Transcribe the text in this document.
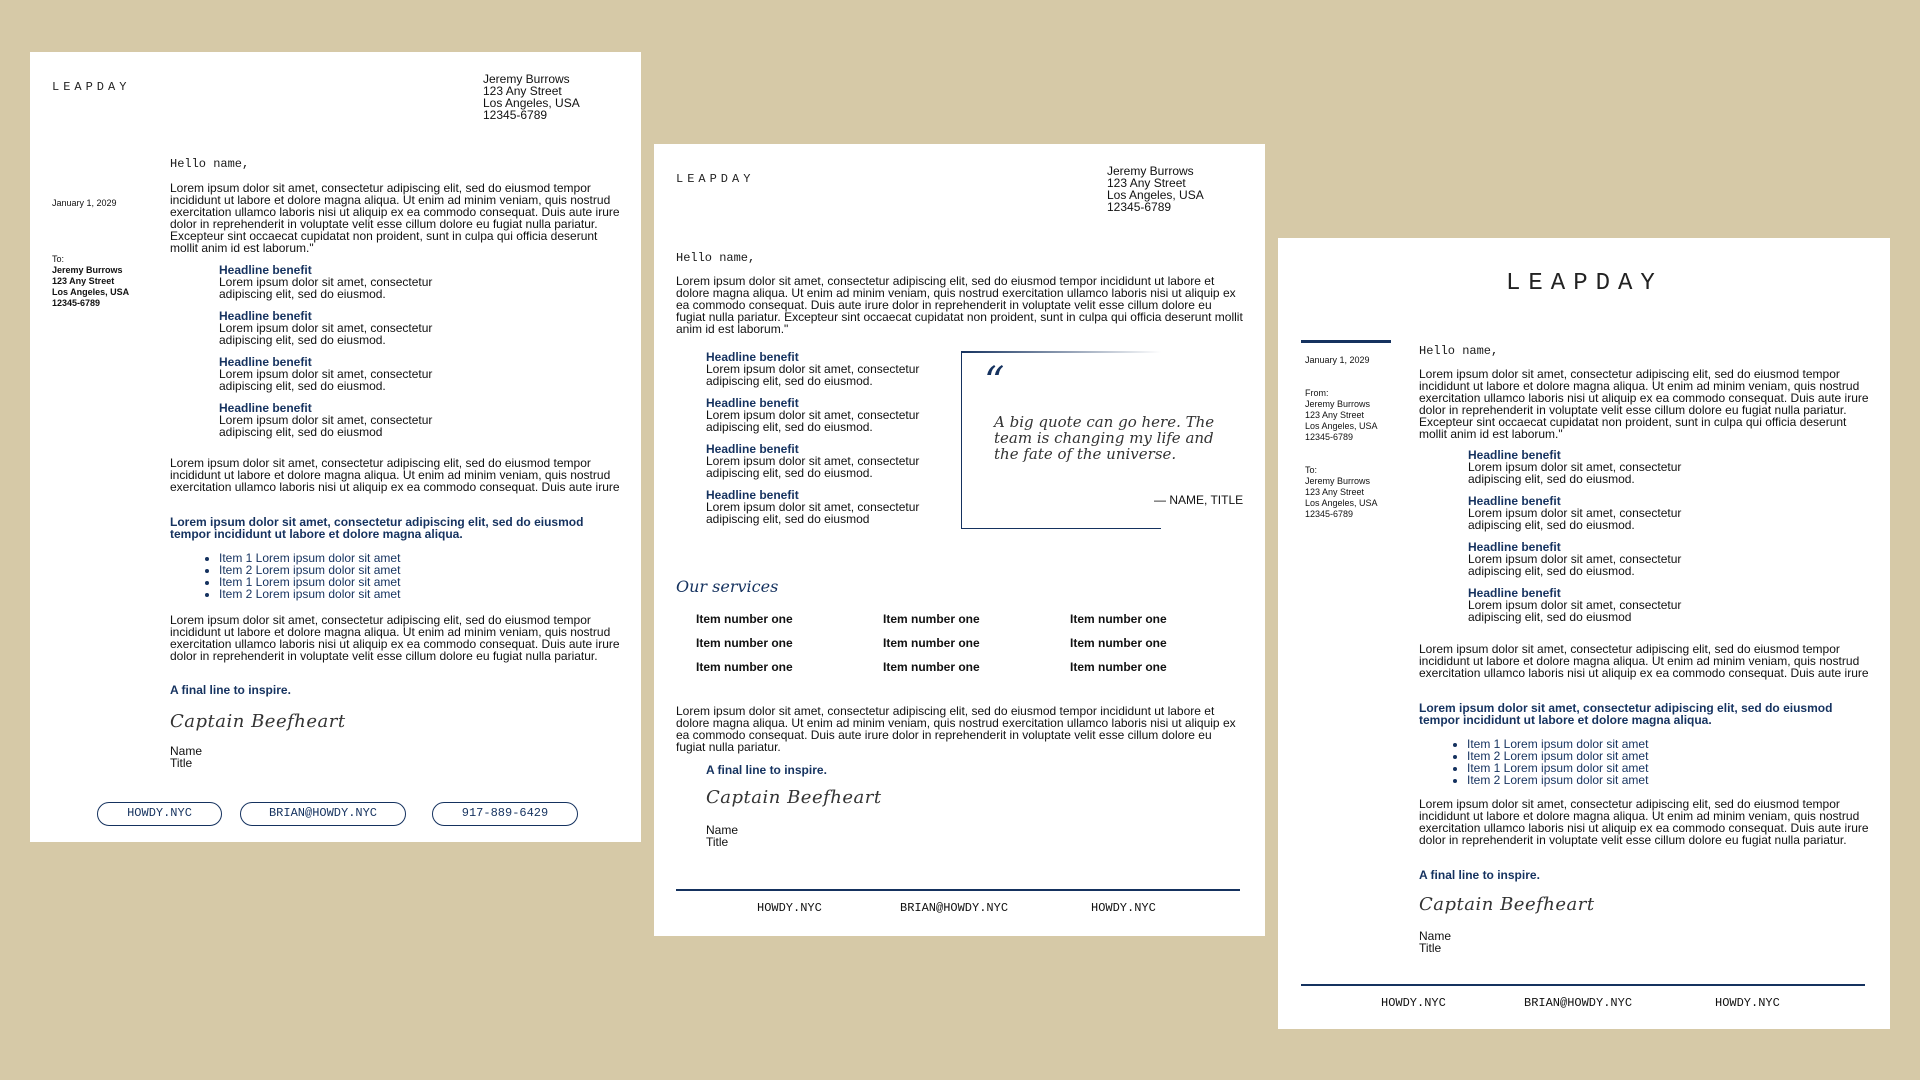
LEAPDAY
Jeremy Burrows
123 Any Street
Los Angeles, USA
12345-6789
January 1, 2029
To:
Jeremy Burrows
123 Any Street
Los Angeles, USA
12345-6789
Hello name,
Lorem ipsum dolor sit amet, consectetur adipiscing elit, sed do eiusmod tempor incididunt ut labore et dolore magna aliqua. Ut enim ad minim veniam, quis nostrud exercitation ullamco laboris nisi ut aliquip ex ea commodo consequat. Duis aute irure dolor in reprehenderit in voluptate velit esse cillum dolore eu fugiat nulla pariatur. Excepteur sint occaecat cupidatat non proident, sunt in culpa qui officia deserunt mollit anim id est laborum."
Headline benefit
Lorem ipsum dolor sit amet, consectetur adipiscing elit, sed do eiusmod.
Headline benefit
Lorem ipsum dolor sit amet, consectetur adipiscing elit, sed do eiusmod.
Headline benefit
Lorem ipsum dolor sit amet, consectetur adipiscing elit, sed do eiusmod.
Headline benefit
Lorem ipsum dolor sit amet, consectetur adipiscing elit, sed do eiusmod
Lorem ipsum dolor sit amet, consectetur adipiscing elit, sed do eiusmod tempor incididunt ut labore et dolore magna aliqua. Ut enim ad minim veniam, quis nostrud exercitation ullamco laboris nisi ut aliquip ex ea commodo consequat. Duis aute irure
Lorem ipsum dolor sit amet, consectetur adipiscing elit, sed do eiusmod tempor incididunt ut labore et dolore magna aliqua.
• Item 1 Lorem ipsum dolor sit amet
• Item 2 Lorem ipsum dolor sit amet
• Item 1 Lorem ipsum dolor sit amet
• Item 2 Lorem ipsum dolor sit amet
Lorem ipsum dolor sit amet, consectetur adipiscing elit, sed do eiusmod tempor incididunt ut labore et dolore magna aliqua. Ut enim ad minim veniam, quis nostrud exercitation ullamco laboris nisi ut aliquip ex ea commodo consequat. Duis aute irure dolor in reprehenderit in voluptate velit esse cillum dolore eu fugiat nulla pariatur.
A final line to inspire.
Captain Beefheart
Name
Title
HOWDY.NYC	BRIAN@HOWDY.NYC	917-889-6429
LEAPDAY
Jeremy Burrows
123 Any Street
Los Angeles, USA
12345-6789
Hello name,
Lorem ipsum dolor sit amet, consectetur adipiscing elit, sed do eiusmod tempor incididunt ut labore et dolore magna aliqua. Ut enim ad minim veniam, quis nostrud exercitation ullamco laboris nisi ut aliquip ex ea commodo consequat. Duis aute irure dolor in reprehenderit in voluptate velit esse cillum dolore eu fugiat nulla pariatur. Excepteur sint occaecat cupidatat non proident, sunt in culpa qui officia deserunt mollit anim id est laborum."
Headline benefit
Lorem ipsum dolor sit amet, consectetur adipiscing elit, sed do eiusmod.
Headline benefit
Lorem ipsum dolor sit amet, consectetur adipiscing elit, sed do eiusmod.
Headline benefit
Lorem ipsum dolor sit amet, consectetur adipiscing elit, sed do eiusmod.
Headline benefit
Lorem ipsum dolor sit amet, consectetur adipiscing elit, sed do eiusmod
“
A big quote can go here. The team is changing my life and the fate of the universe.
— NAME, TITLE
Our services
Item number one	Item number one	Item number one
Item number one	Item number one	Item number one
Item number one	Item number one	Item number one
Lorem ipsum dolor sit amet, consectetur adipiscing elit, sed do eiusmod tempor incididunt ut labore et dolore magna aliqua. Ut enim ad minim veniam, quis nostrud exercitation ullamco laboris nisi ut aliquip ex ea commodo consequat. Duis aute irure dolor in reprehenderit in voluptate velit esse cillum dolore eu fugiat nulla pariatur.
A final line to inspire.
Captain Beefheart
Name
Title
HOWDY.NYC	BRIAN@HOWDY.NYC	HOWDY.NYC
LEAPDAY
January 1, 2029
From:
Jeremy Burrows
123 Any Street
Los Angeles, USA
12345-6789
To:
Jeremy Burrows
123 Any Street
Los Angeles, USA
12345-6789
Hello name,
Lorem ipsum dolor sit amet, consectetur adipiscing elit, sed do eiusmod tempor incididunt ut labore et dolore magna aliqua. Ut enim ad minim veniam, quis nostrud exercitation ullamco laboris nisi ut aliquip ex ea commodo consequat. Duis aute irure dolor in reprehenderit in voluptate velit esse cillum dolore eu fugiat nulla pariatur. Excepteur sint occaecat cupidatat non proident, sunt in culpa qui officia deserunt mollit anim id est laborum."
Headline benefit
Lorem ipsum dolor sit amet, consectetur adipiscing elit, sed do eiusmod.
Headline benefit
Lorem ipsum dolor sit amet, consectetur adipiscing elit, sed do eiusmod.
Headline benefit
Lorem ipsum dolor sit amet, consectetur adipiscing elit, sed do eiusmod.
Headline benefit
Lorem ipsum dolor sit amet, consectetur adipiscing elit, sed do eiusmod
Lorem ipsum dolor sit amet, consectetur adipiscing elit, sed do eiusmod tempor incididunt ut labore et dolore magna aliqua. Ut enim ad minim veniam, quis nostrud exercitation ullamco laboris nisi ut aliquip ex ea commodo consequat. Duis aute irure
Lorem ipsum dolor sit amet, consectetur adipiscing elit, sed do eiusmod tempor incididunt ut labore et dolore magna aliqua.
• Item 1 Lorem ipsum dolor sit amet
• Item 2 Lorem ipsum dolor sit amet
• Item 1 Lorem ipsum dolor sit amet
• Item 2 Lorem ipsum dolor sit amet
Lorem ipsum dolor sit amet, consectetur adipiscing elit, sed do eiusmod tempor incididunt ut labore et dolore magna aliqua. Ut enim ad minim veniam, quis nostrud exercitation ullamco laboris nisi ut aliquip ex ea commodo consequat. Duis aute irure dolor in reprehenderit in voluptate velit esse cillum dolore eu fugiat nulla pariatur.
A final line to inspire.
Captain Beefheart
Name
Title
HOWDY.NYC	BRIAN@HOWDY.NYC	HOWDY.NYC
